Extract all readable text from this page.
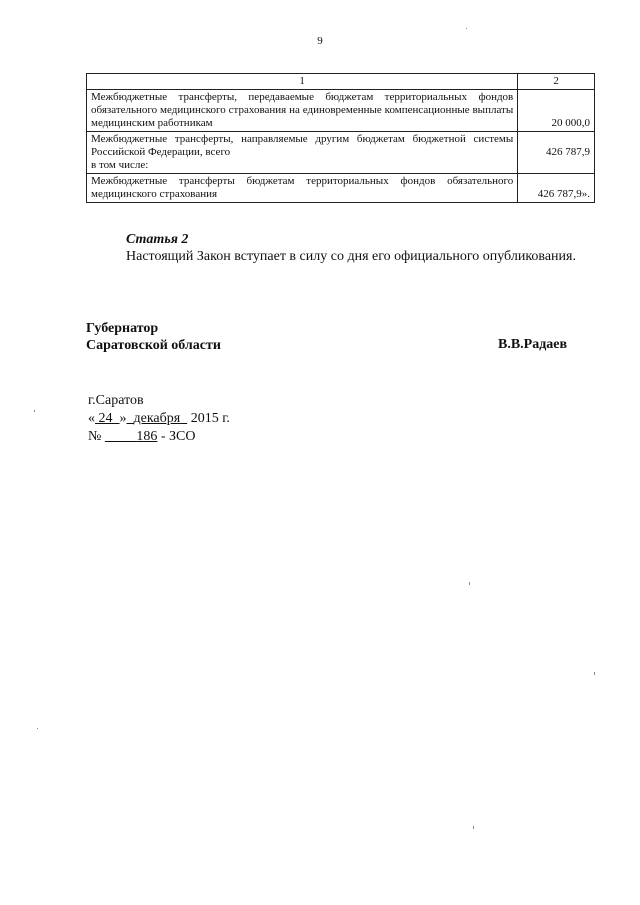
9
1	2
Межбюджетные трансферты, передаваемые бюджетам территориальных фондов обязательного медицинского страхования на единовременные компенсационные выплаты медицинским работникам	20 000,0
Межбюджетные трансферты, направляемые другим бюджетам бюджетной системы Российской Федерации, всего
в том числе:	426 787,9
Межбюджетные трансферты бюджетам территориальных фондов обязательного медицинского страхования	426 787,9».
Статья 2
Настоящий Закон вступает в силу со дня его официального опубликования.
Губернатор
Саратовской области	В.В.Радаев
г.Саратов
« 24 » декабря 2015 г.
№	186 - ЗСО
